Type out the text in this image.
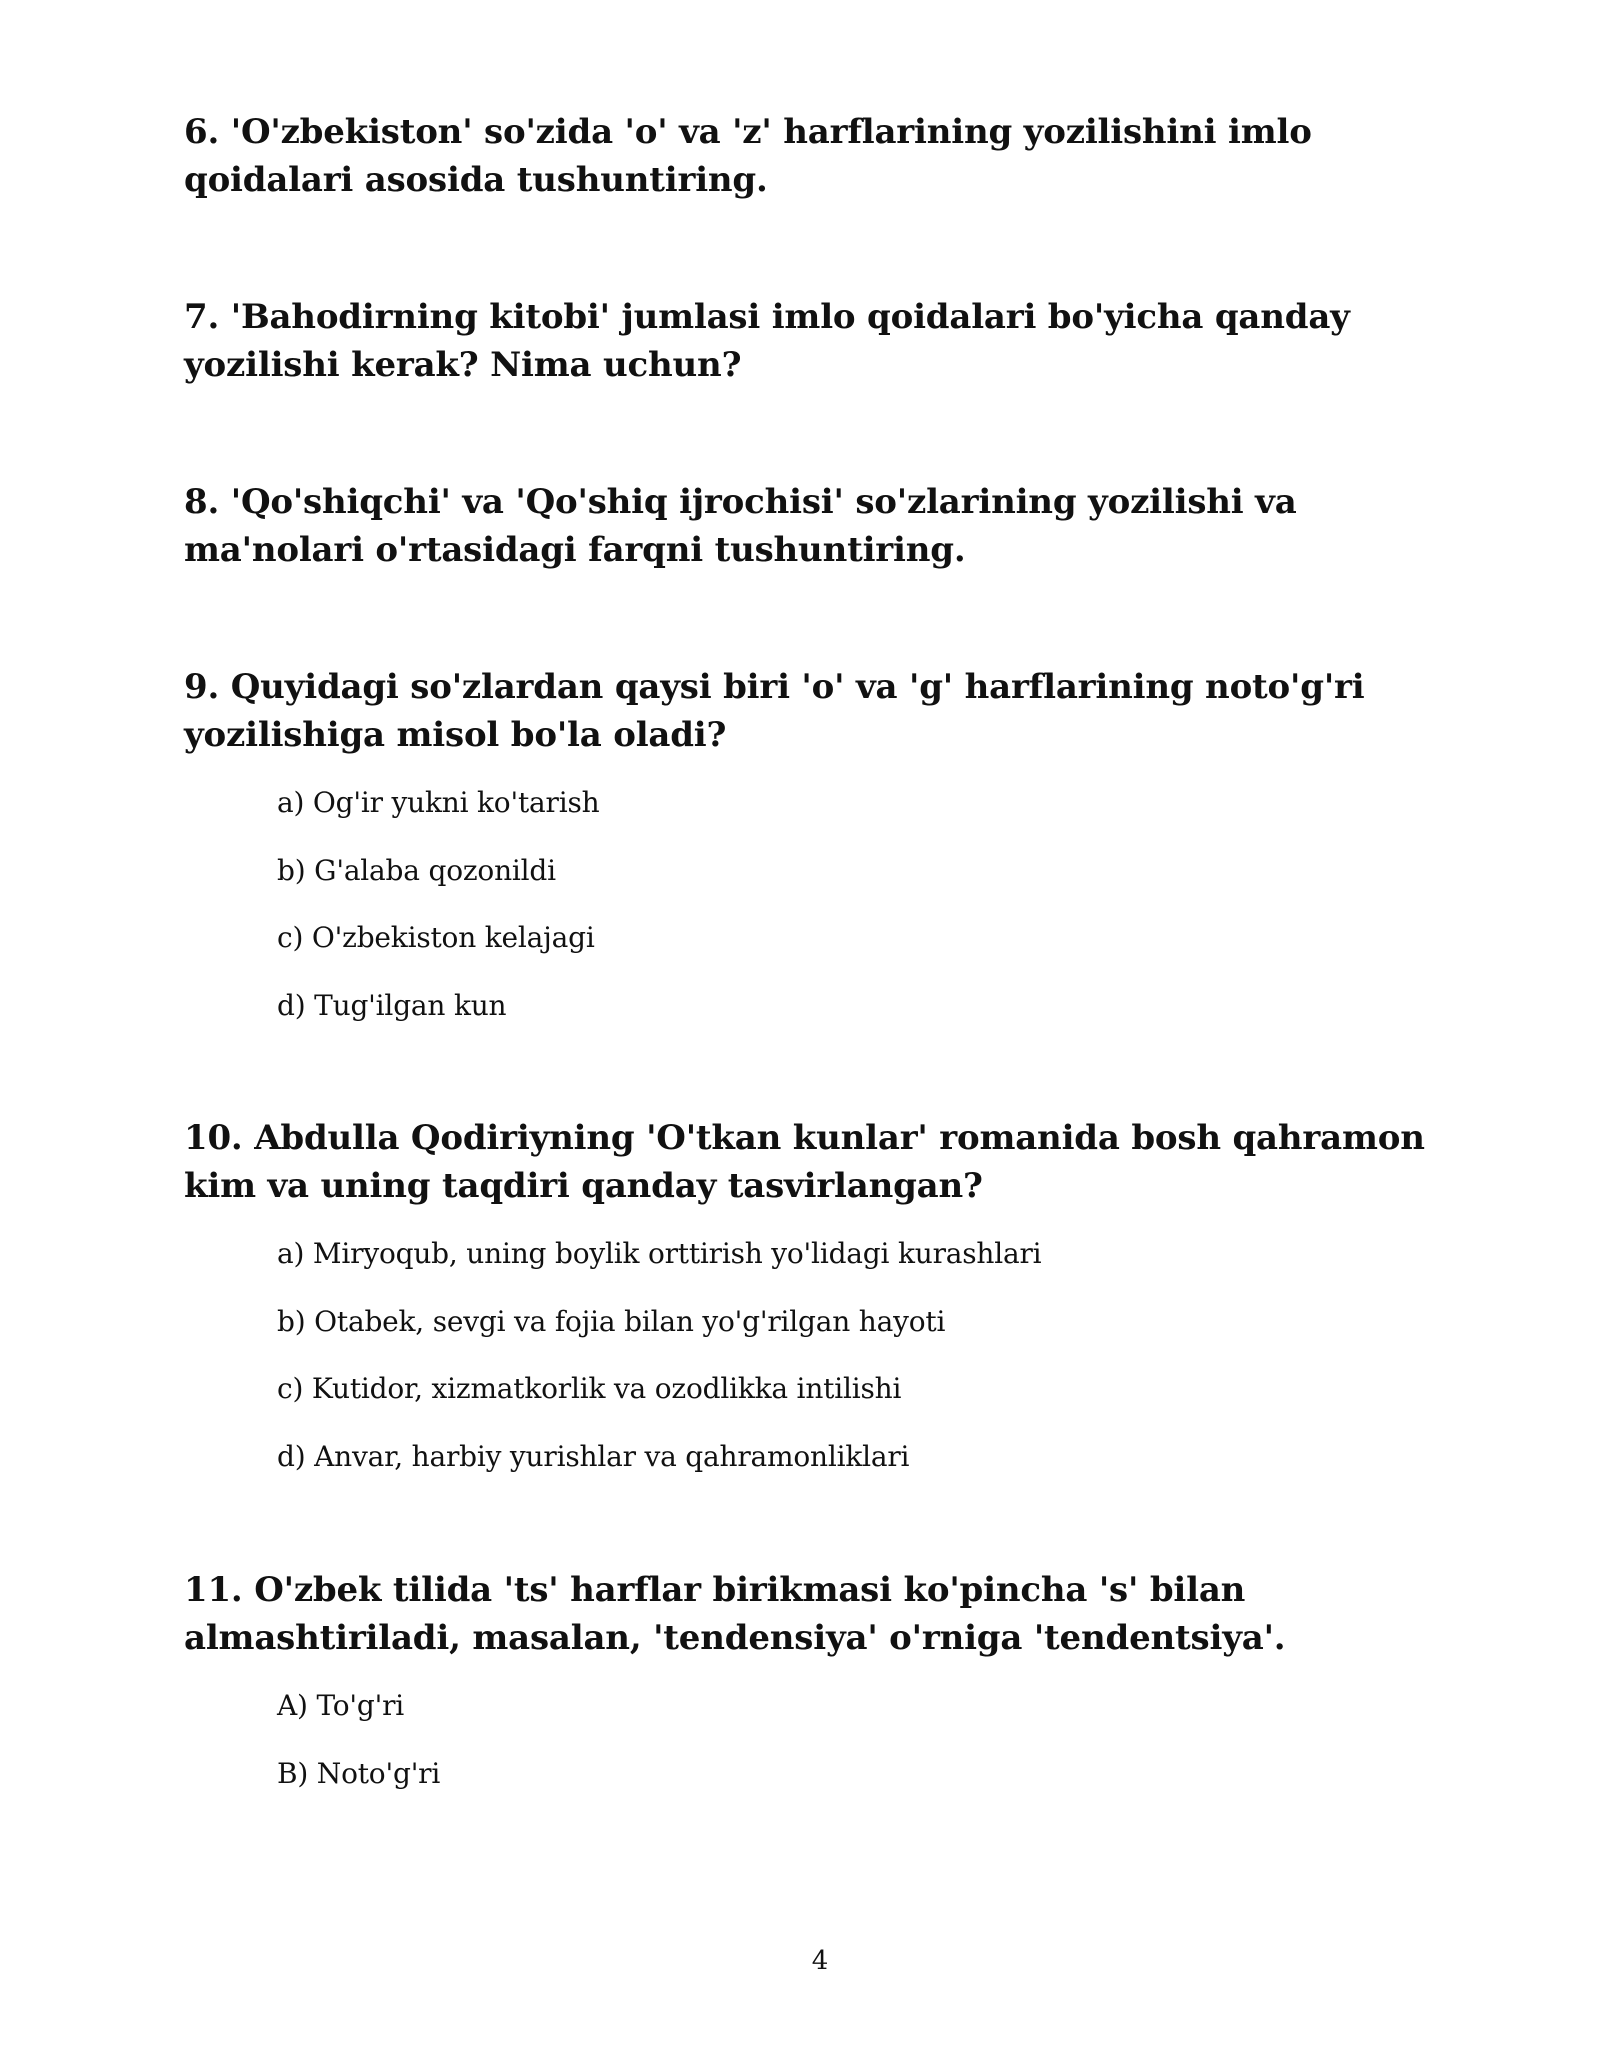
6. 'O'zbekiston' so'zida 'o' va 'z' harflarining yozilishini imlo qoidalari asosida tushuntiring.

7. 'Bahodirning kitobi' jumlasi imlo qoidalari bo'yicha qanday yozilishi kerak? Nima uchun?

8. 'Qo'shiqchi' va 'Qo'shiq ijrochisi' so'zlarining yozilishi va ma'nolari o'rtasidagi farqni tushuntiring.

9. Quyidagi so'zlardan qaysi biri 'o' va 'g' harflarining noto'g'ri yozilishiga misol bo'la oladi?

a) Og'ir yukni ko'tarish
b) G'alaba qozonildi
c) O'zbekiston kelajagi
d) Tug'ilgan kun

10. Abdulla Qodiriyning 'O'tkan kunlar' romanida bosh qahramon kim va uning taqdiri qanday tasvirlangan?

a) Miryoqub, uning boylik orttirish yo'lidagi kurashlari
b) Otabek, sevgi va fojia bilan yo'g'rilgan hayoti
c) Kutidor, xizmatkorlik va ozodlikka intilishi
d) Anvar, harbiy yurishlar va qahramonliklari

11. O'zbek tilida 'ts' harflar birikmasi ko'pincha 's' bilan almashtiriladi, masalan, 'tendensiya' o'rniga 'tendentsiya'.

A) To'g'ri
B) Noto'g'ri
4
